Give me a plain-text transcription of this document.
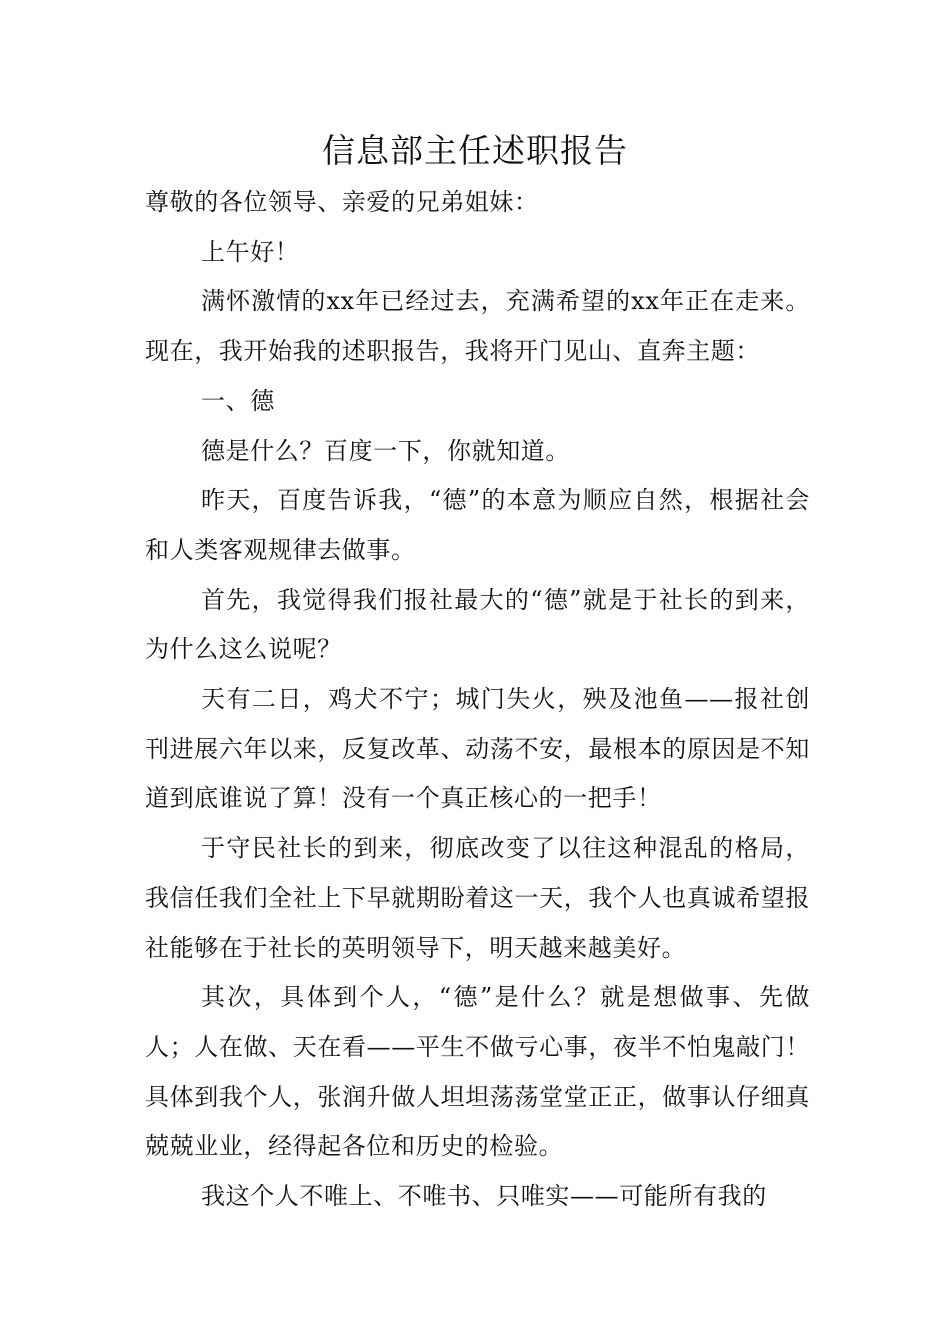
信息部主任述职报告

尊敬的各位领导、亲爱的兄弟姐妹：

上午好！

满怀激情的xx年已经过去，充满希望的xx年正在走来。现在，我开始我的述职报告，我将开门见山、直奔主题：

一、德

德是什么？百度一下，你就知道。

昨天，百度告诉我，“德”的本意为顺应自然，根据社会和人类客观规律去做事。

首先，我觉得我们报社最大的“德”就是于社长的到来，为什么这么说呢？

天有二日，鸡犬不宁；城门失火，殃及池鱼——报社创刊进展六年以来，反复改革、动荡不安，最根本的原因是不知道到底谁说了算！没有一个真正核心的一把手！

于守民社长的到来，彻底改变了以往这种混乱的格局，我信任我们全社上下早就期盼着这一天，我个人也真诚希望报社能够在于社长的英明领导下，明天越来越美好。

其次，具体到个人，“德”是什么？就是想做事、先做人；人在做、天在看——平生不做亏心事，夜半不怕鬼敲门！具体到我个人，张润升做人坦坦荡荡堂堂正正，做事认仔细真兢兢业业，经得起各位和历史的检验。

我这个人不唯上、不唯书、只唯实——可能所有我的
